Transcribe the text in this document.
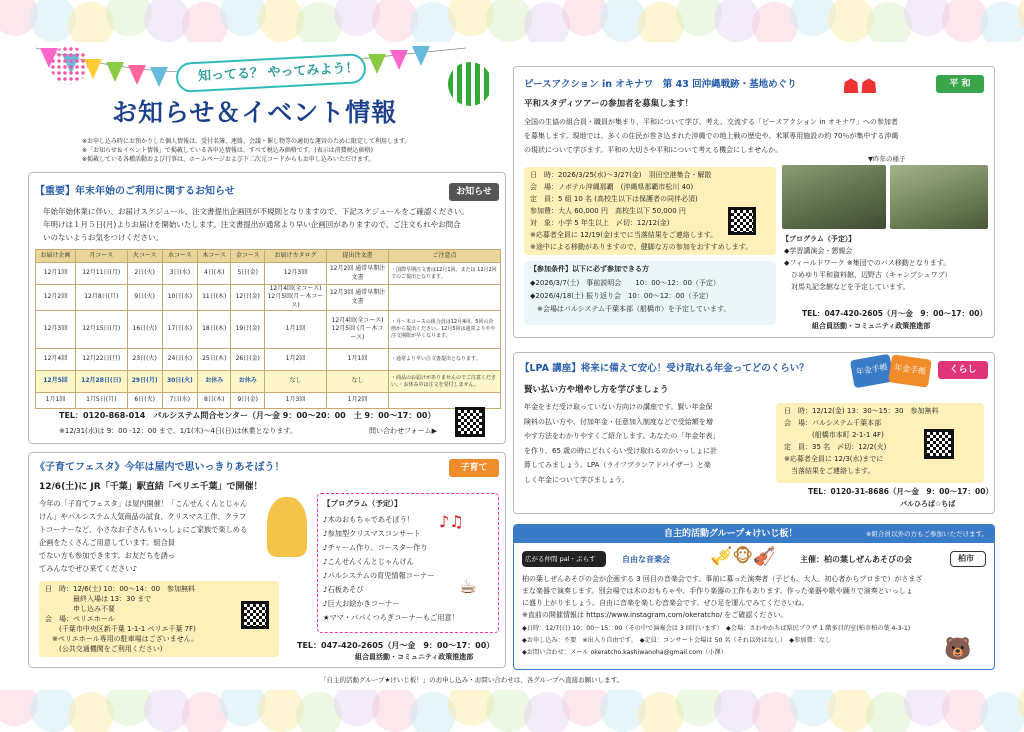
知ってる？ やってみよう！
お知らせ＆イベント情報
※お申し込み時にお預かりした個人情報は、受付名簿、連絡、会議・催し物等の適切な運営のために限定して利用します。
※「お知らせ＆イベント情報」で掲載している各申込情報は、すべて税込み価格です。(表示は消費税込価格)
※掲載している各種活動および行事は、ホームページおよび下二次元コードからもお申し込みいただけます。
【重要】年末年始のご利用に関するお知らせ	お知らせ
年始年始休業に伴い、お届けスケジュール、注文書提出企画回が不規則となりますので、下記スケジュールをご確認ください。
年明けは１月５日(月)よりお届けを開始いたします。注文書提出が通常より早い企画回がありますので、ご注文もれやお問合
いのないようお気をつけください。
お届け企画	月コース	火コース	水コース	木コース	金コース	お届けカタログ	提出注文書	ご注意点
12月1回	12月11日(月)	2日(火)	3日(水)	4日(木)	5日(金)	12月3回	12月2回 通常早期注文書	・国際早期注文書は12月1回、または 12月2回でのご提出となります。
12月2回	12月8日(月)	9日(火)	10日(水)	11日(木)	12日(金)	12月4回(全コース) 12月5回(月〜木コース)	12月3回 通常早期注文書	
12月3回	12月15日(月)	16日(火)	17日(水)	18日(木)	19日(金)	1月1回	12月4回(全コース) 12月5回 (月〜木コース)	・月〜木コースの組合員は12月4回、5回の企画から提出ください。12月5回は通常よりやや注文期限が早くなります。
12月4回	12月22日(月)	23日(火)	24日(水)	25日(木)	26日(金)	1月2回	1月1回	・通常より早い注文書提出となります。
12月5回	12月28日(日)	29日(月)	30日(火)	お休み	お休み	なし	なし	・商品のお届けがありませんのでご注意ください。・お休み中は注文を受付しません。
1月1回	1月5日(月)	6日(火)	7日(水)	8日(木)	9日(金)	1月3回	1月2回	
TEL：0120-868-014　パルシステム問合センター（月〜金 9：00〜20：00　土 9：00〜17：00）
※12/31(水)は 9：00 -12：00 まで、1/1(木)〜4日(日)は休業となります。	問い合わせフォーム▶
《子育てフェスタ》今年は屋内で思いっきりあそぼう！	子育て
12/6(土)に JR「千葉」駅直結「ペリエ千葉」で開催！
今年の「子育てフェスタ」は屋内開催！「こんせんくんとじゃん
けん」やパルシステム人気商品の試食、クリスマス工作、クラフ
トコーナーなど、小さなお子さんもいっしょにご家族で楽しめる
企画をたくさんご用意しています。組合員
でない方も参加できます。お友だちを誘っ
てみんなでぜひ来てください♪
日　時：12/6(土) 10：00〜14：00　参加無料
　　　　最終入場は 13：30 まで
　　　　申し込み不要
会　場：ペリエホール
　　(千葉市中央区新千葉 1-1-1 ペリエ千葉 7F)
　※ペリエホール専用の駐車場はございません。
　　(公共交通機関をご利用ください)
【プログラム（予定）】
♪木のおもちゃであそぼう！
♪参加型クリスマスコンサート
♪チャーム作り、コースター作り
♪こんせんくんとじゃんけん
♪パルシステムの育児情報コーナー
♪石板あそび
♪巨大お絵かきコーナー
★ママ・パパくつろぎコーナーもご用意！
♪♫
☕
TEL：047-420-2605（月〜金　9：00〜17：00）
組合員活動・コミュニティ政策推進部
ピースアクション in オキナワ　第 43 回沖縄戦跡・基地めぐり ☗☗	平 和
平和スタディツアーの参加者を募集します！
全国の生協の組合員・職員が集まり、平和について学び、考え、交流する「ピースアクション in オキナワ」への参加者
を募集します。現地では、多くの住民が巻き込まれた沖縄での地上戦の歴史や、米軍専用施設の約 70％が集中する沖縄
の現状について学びます。平和の大切さや平和について考える機会にしませんか。
日　時：2026/3/25(水)〜3/27(金)　羽田空港集合・解散
会　場：ノボテル沖縄那覇　(沖縄県那覇市松川 40)
定　員：5 組 10 名 (高校生以下は保護者の同伴必須)
参加費：大人 60,000 円　高校生以下 50,000 円
対　象：小学 5 年生以上　〆切：12/12(金)
※応募者全員に 12/19(金)までに当落結果をご連絡します。
※途中による移動がありますので、健脚な方の参加をおすすめします。
▼昨年の様子
【参加条件】以下に必ず参加できる方
◆2026/3/7(土)　事前説明会　　10：00〜12：00（予定）
◆2026/4/18(土) 振り返り会　10：00〜12：00（予定）
　※会場はパルシステム千葉本部（船橋市）を予定しています。
【プログラム（予定）】
◆学習講演会・懇親会
◆フィールドワーク ※集団でのバス移動となります。
　ひめゆり平和資料館、辺野古（キャンプシュワブ）
　対馬丸記念館などを予定しています。
TEL：047-420-2605（月〜金　9：00〜17：00）
組合員活動・コミュニティ政策推進部
【LPA 講座】将来に備えて安心！受け取れる年金ってどのくらい？	年金手帳 年金手帳	くらし
賢い払い方や増やし方を学びましょう
年金をまだ受け取っていない方向けの講座です。賢い年金保
険料の払い方や、付加年金・任意加入制度などで受給額を増
やす方法をわかりやすくご紹介します。あなたの「年金年表」
を作り、65 歳の時にどれくらい受け取れるのかいっしょに計
算してみましょう。LPA（ライフプランアドバイザー）と楽
しく年金について学びましょう。
日　時：12/12(金) 13：30〜15：30　参加無料
会　場：パルシステム千葉本部
　　　　(船橋市本町 2-1-1 4F)
定　員：35 名　〆切：12/2(火)
※応募者全員に 12/3(水)までに
　当落結果をご連絡します。
TEL：0120-31-8686（月〜金　9：00〜17：00）
パルひろば☆ちば
自主的活動グループ★けいじ板！	※組合員以外の方もご参加いただけます。
広がる仲間 pal・ぷらす	自由な音楽会 🎺🐵🎻	主催：柏の葉しぜんあそびの会	柏市
柏の葉しぜんあそびの会が企画する 3 回目の音楽会です。事前に募った演奏者（子ども、大人、初心者からプロまで）がさまざ
まな楽器で演奏します。別会場では木のおもちゃや、手作り楽器の工作もあります。作った楽器や歌や踊りで演奏といっしょ
に盛り上がりましょう。自由に音楽を楽しむ音楽会です。ぜひ足を運んでみてくださいね。
※直前の開催情報は https://www.instagram.com/okeratcho/ をご確認ください。
◆日時：12/7(日) 10：00〜15：00（その中で演奏会は 3 回行います）　◆会場：さわやかちば県民プラザ 1 階多目的室(柏市柏の葉 4-3-1)
◆お申し込み：不要　※出入り自由です。　◆定員：コンサート会場は 50 名（それ以外はなし）　◆参加費：なし
◆お問い合わせ：メール okeratcho.kashiwanoha@gmail.com（小澤）	🐻
「自主的活動グループ★けいじ板！」のお申し込み・お問い合わせは、各グループへ直接お願いします。
